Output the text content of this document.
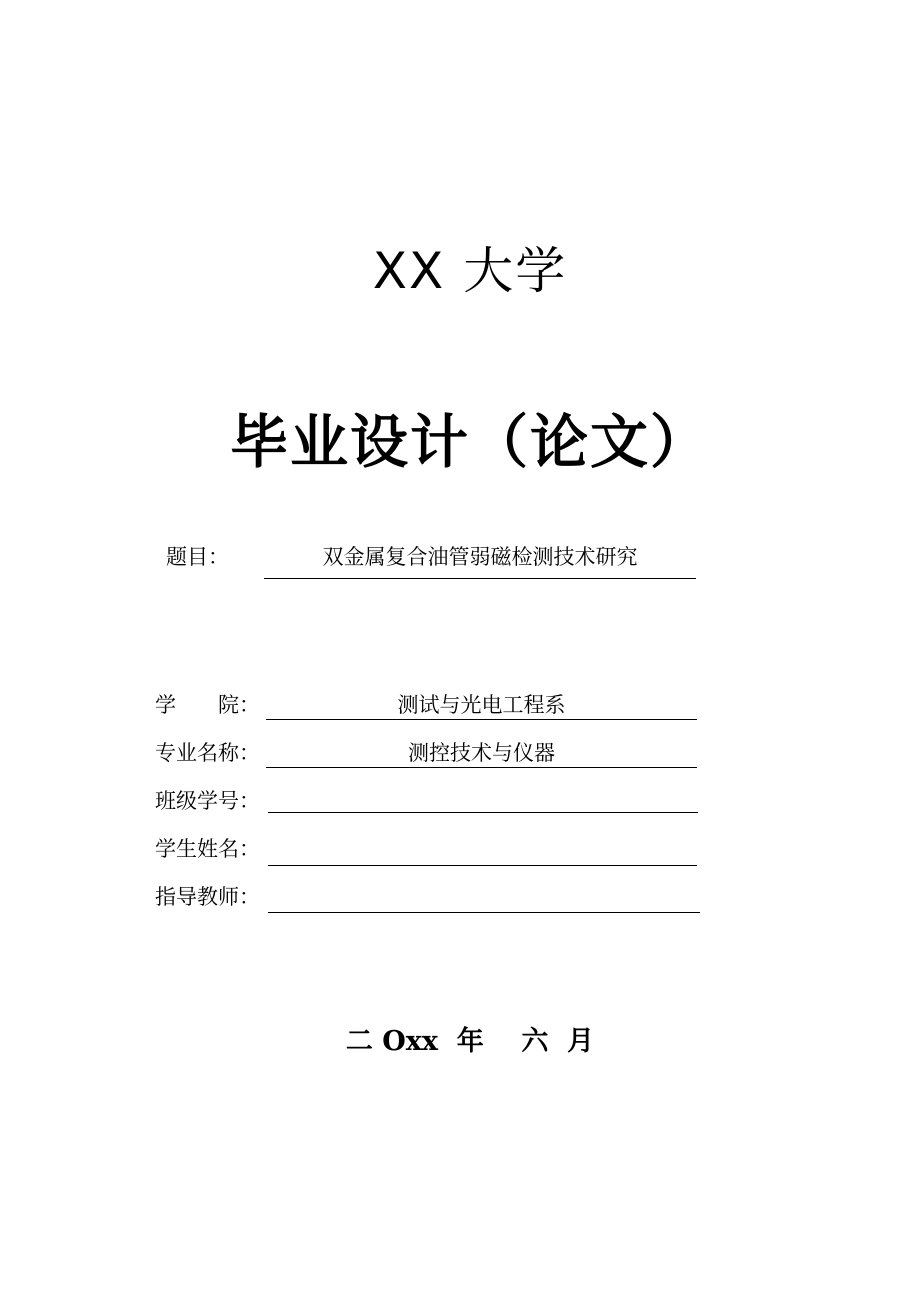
XX 大学
毕业设计（论文）
题目：	双金属复合油管弱磁检测技术研究
学　　院：	测试与光电工程系
专业名称：	测控技术与仪器
班级学号：
学生姓名：
指导教师：
二 Oxx  年    六  月
